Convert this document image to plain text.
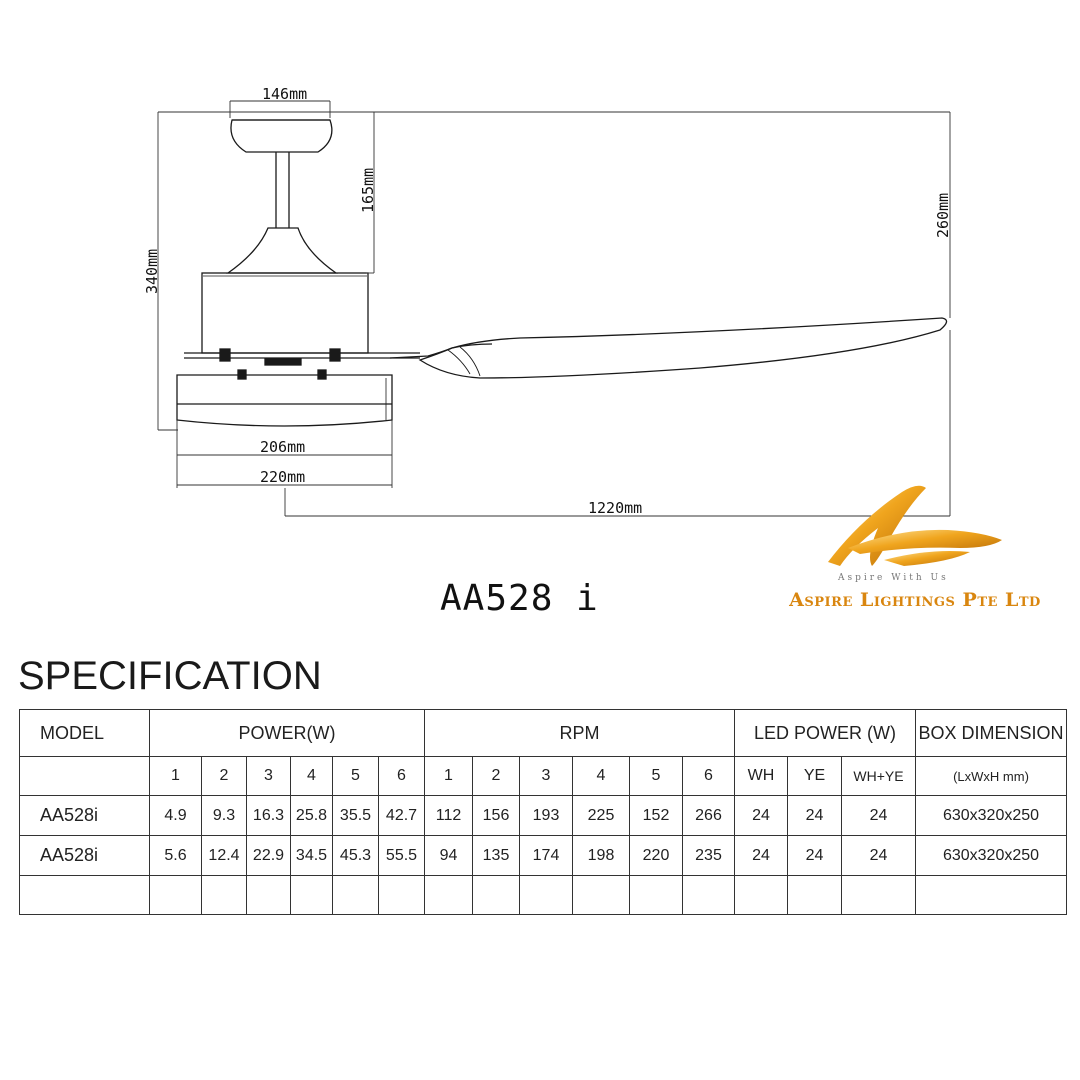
146mm
165mm
340mm
260mm
206mm
220mm
1220mm
Aspire With Us
AA528 i	Aspire Lightings Pte Ltd
SPECIFICATION
MODEL	POWER(W)						RPM						LED POWER (W)			BOX DIMENSION
	1	2	3	4	5	6	1	2	3	4	5	6	WH	YE	WH+YE	(LxWxH mm)
AA528i	4.9	9.3	16.3	25.8	35.5	42.7	112	156	193	225	152	266	24	24	24	630x320x250
AA528i	5.6	12.4	22.9	34.5	45.3	55.5	94	135	174	198	220	235	24	24	24	630x320x250
